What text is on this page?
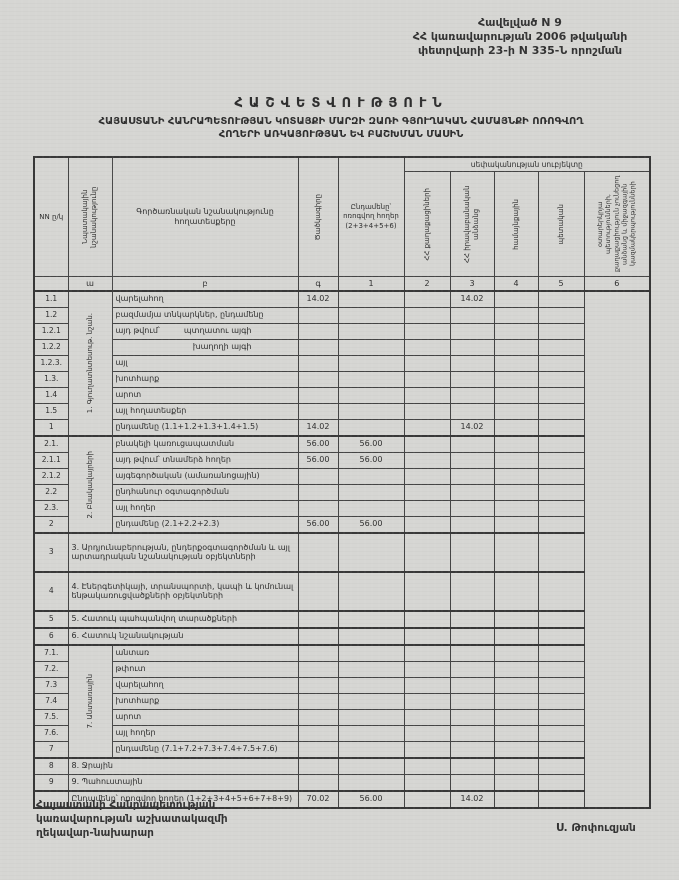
Հավելված N 9
ՀՀ կառավարության 2006 թվականի
փետրվարի 23-ի N 335-Ն որոշման
ՀԱՇՎԵՏՎՈՒԹՅՈՒՆ
ՀԱՅԱՍՏԱՆԻ ՀԱՆՐԱՊԵՏՈՒԹՅԱՆ ԿՈՏԱՅՔԻ ՄԱՐԶԻ ԶԱՌԻ ԳՅՈՒՂԱԿԱՆ ՀԱՄԱՅՆՔԻ ՈՌՈԳՎՈՂ
ՀՈՂԵՐԻ ԱՌԿԱՅՈՒԹՅԱՆ ԵՎ ԲԱՇԽՄԱՆ ՄԱՍԻՆ
NN ը/կ	Նպատակային նշանակությունը	Գործառնական նշանակությունը հողատեսքերը	Ծածկագիրը	Ընդամենը՝ ոռոգվող հողեր (2+3+4+5+6)	սեփականության սուբյեկտը				

					ՀՀ քաղաքացիների	ՀՀ իրավաբանական անձանց	համայնքային	պետական	օտարերկրյա պետությունների, քաղաքացիություն չունեցող անձանց և միջազգային կազմակերպությունների

	ա	բ	գ	1	2	3	4	5	6
1.1	1. Գյուղատնտեսութ. նշան.	վարելահող	14.02			14.02			
1.2		բազմամյա տնկարկներ, ընդամենը							
1.2.1		այդ թվում՝ պտղատու այգի							

1.2.2		խաղողի այգի							

1.2.3.		այլ							
1.3.		խոտհարք							
1.4		արոտ							
1.5		այլ հողատեսքեր							
1		ընդամենը (1.1+1.2+1.3+1.4+1.5)	14.02			14.02			
2.1.	2. Բնակավայրերի	բնակելի կառուցապատման	56.00	56.00					
2.1.1		այդ թվում՝ տնամերձ հողեր	56.00	56.00					
2.1.2		այգեգործական (ամառանոցային)							
2.2		ընդհանուր օգտագործման							
2.3.		այլ հողեր							
2		ընդամենը (2.1+2.2+2.3)	56.00	56.00					
3	3. Արդյունաբերության, ընդերքօգտագործման և այլ արտադրական նշանակության օբյեկտների								
4	4. Էներգետիկայի, տրանսպորտի, կապի և կոմունալ ենթակառուցվածքների օբյեկտների								
5	5. Հատուկ պահպանվող տարածքների								
6	6. Հատուկ նշանակության								
7.1.	7. Անտառային	անտառ							
7.2.		թփուտ							
7.3		վարելահող							
7.4		խոտհարք							
7.5.		արոտ							
7.6.		այլ հողեր							
7		ընդամենը (7.1+7.2+7.3+7.4+7.5+7.6)							
8	8. Ջրային								
9	9. Պահուստային								
	Ընդամենը՝ ոռոգվող հողեր (1+2+3+4+5+6+7+8+9)		70.02	56.00		14.02			
Հայաստանի Հանրապետության
կառավարության աշխատակազմի
ղեկավար-նախարար	Ս. Թոփուզյան
